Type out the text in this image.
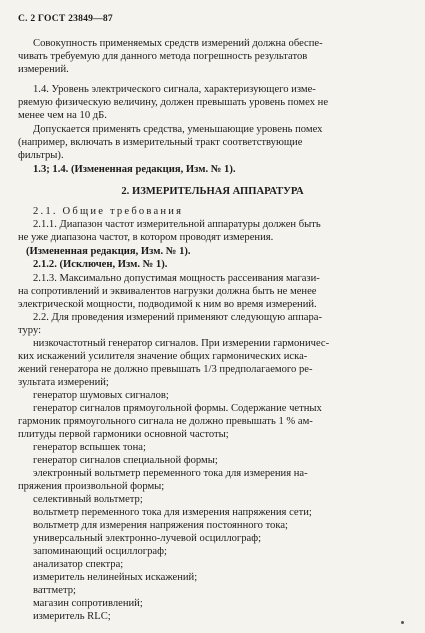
С. 2 ГОСТ 23849—87
Совокупность применяемых средств измерений должна обеспе-
чивать требуемую для данного метода погрешность результатов
измерений.
1.4. Уровень электрического сигнала, характеризующего изме-
ряемую физическую величину, должен превышать уровень помех не
менее чем на 10 дБ.
Допускается применять средства, уменьшающие уровень помех
(например, включать в измерительный тракт соответствующие
фильтры).
1.3; 1.4. (Измененная редакция, Изм. № 1).
2. ИЗМЕРИТЕЛЬНАЯ АППАРАТУРА
2.1. Общие требования
2.1.1. Диапазон частот измерительной аппаратуры должен быть
не уже диапазона частот, в котором проводят измерения.
(Измененная редакция, Изм. № 1).
2.1.2. (Исключен, Изм. № 1).
2.1.3. Максимально допустимая мощность рассеивания магази-
на сопротивлений и эквивалентов нагрузки должна быть не менее
электрической мощности, подводимой к ним во время измерений.
2.2. Для проведения измерений применяют следующую аппара-
туру:
низкочастотный генератор сигналов. При измерении гармоничес-
ких искажений усилителя значение общих гармонических иска-
жений генератора не должно превышать 1/3 предполагаемого ре-
зультата измерений;
генератор шумовых сигналов;
генератор сигналов прямоугольной формы. Содержание четных
гармоник прямоугольного сигнала не должно превышать 1 % ам-
плитуды первой гармоники основной частоты;
генератор вспышек тона;
генератор сигналов специальной формы;
электронный вольтметр переменного тока для измерения на-
пряжения произвольной формы;
селективный вольтметр;
вольтметр переменного тока для измерения напряжения сети;
вольтметр для измерения напряжения постоянного тока;
универсальный электронно-лучевой осциллограф;
запоминающий осциллограф;
анализатор спектра;
измеритель нелинейных искажений;
ваттметр;
магазин сопротивлений;
измеритель RLC;
